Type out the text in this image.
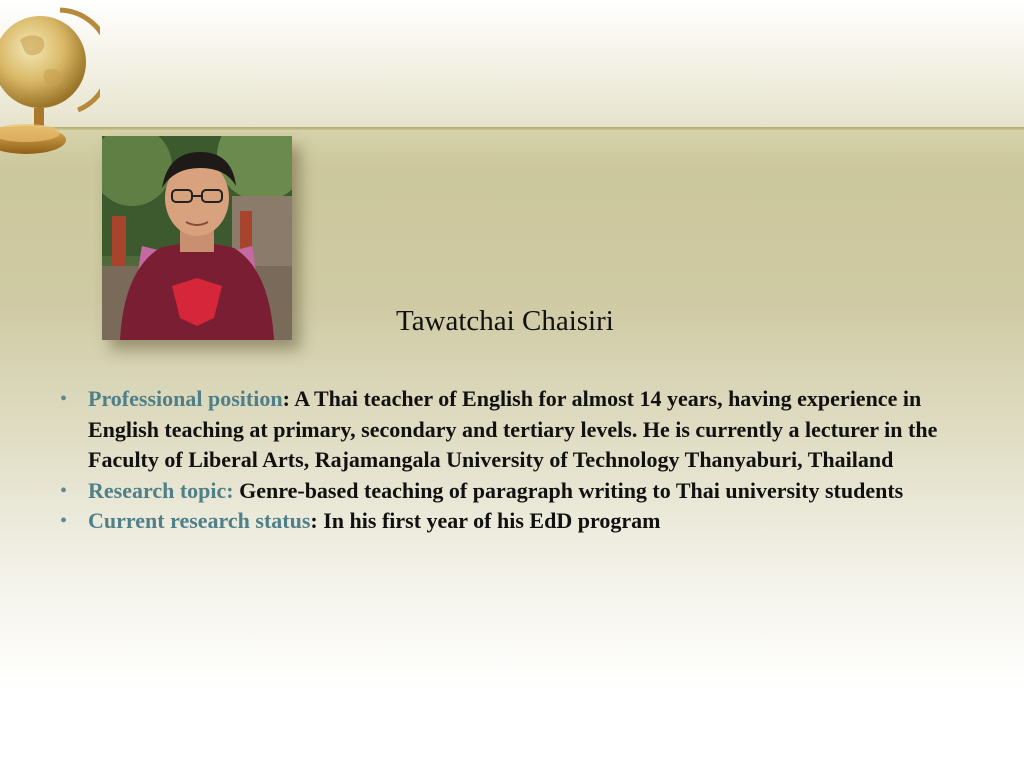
Tawatchai Chaisiri
• Professional position: A Thai teacher of English for almost 14 years, having experience in English teaching at primary, secondary and tertiary levels. He is currently a lecturer in the Faculty of Liberal Arts, Rajamangala University of Technology Thanyaburi, Thailand
• Research topic: Genre-based teaching of paragraph writing to Thai university students
• Current research status: In his first year of his EdD program
